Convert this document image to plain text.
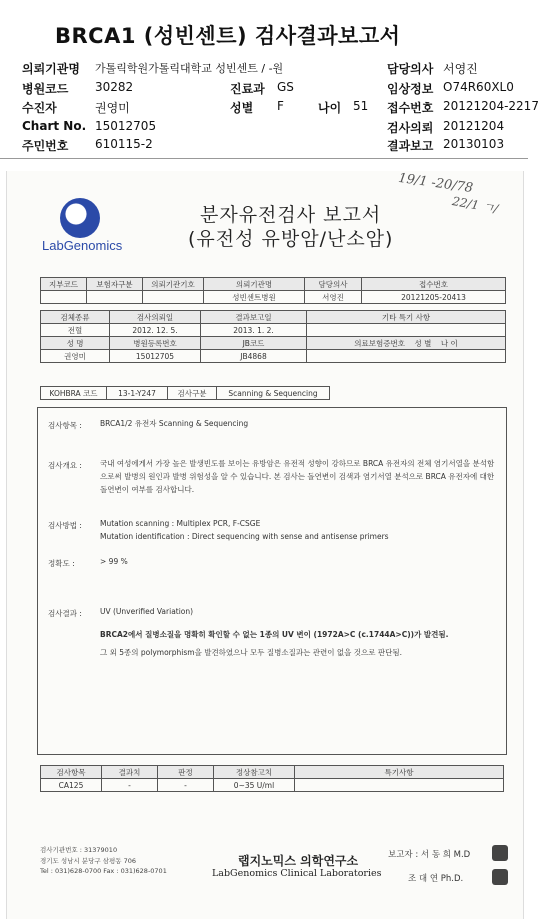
BRCA1 (성빈센트) 검사결과보고서
의뢰기관명 가톨릭학원가톨릭대학교 성빈센트 / -원	담당의사 서영진
병원코드 30282	진료과 GS	임상정보 O74R60XL0
수진자	권영미	성별 F	나이 51 접수번호 20121204-2217
Chart No. 15012705	검사의뢰 20121204
주민번호 610115-2	결과보고 20130103
LabGenomics
분자유전검사 보고서
(유전성 유방암/난소암)
19/1 -20/78
22/1 ㄱ/
지부코드	보험자구분	의뢰기관기호	의뢰기관명	담당의사	접수번호
			성빈센트병원	서영진	20121205-20413
검체종류	검사의뢰일	결과보고일	기타 특기 사항
전혈	2012. 12. 5.	2013. 1. 2.	
성 명	병원등록번호	JB코드	의료보험증번호 성 별 나 이
권영미	15012705	JB4868	
KOHBRA 코드	13-1-Y247	검사구분	Scanning & Sequencing
검사항목 : BRCA1/2 유전자 Scanning & Sequencing
검사개요 : 국내 여성에게서 가장 높은 발생빈도를 보이는 유방암은 유전적 성향이 강하므로 BRCA 유전자의 전체 염기서열을 분석함으로써 발병의 원인과 발병 위험성을 알 수 있습니다. 본 검사는 돌연변이 검색과 염기서열 분석으로 BRCA 유전자에 대한 돌연변이 여부를 검사합니다.
검사방법 : Mutation scanning : Multiplex PCR, F-CSGE
Mutation identification : Direct sequencing with sense and antisense primers
정확도 :	> 99 %
검사결과 : UV (Unverified Variation)
BRCA2에서 질병소질을 명확히 확인할 수 없는 1종의 UV 변이 (1972A>C (c.1744A>C))가 발견됨.
그 외 5종의 polymorphism을 발견하였으나 모두 질병소질과는 관련이 없을 것으로 판단됨.
검사항목	결과치	판정	정상참고치	특기사항
CA125	-	-	0~35 U/ml	
검사기관번호 : 31379010
경기도 성남시 분당구 삼평동 706
Tel : 031)628-0700 Fax : 031)628-0701
랩지노믹스 의학연구소
LabGenomics Clinical Laboratories
보고자 : 서 동 희 M.D
조 대 연 Ph.D.
